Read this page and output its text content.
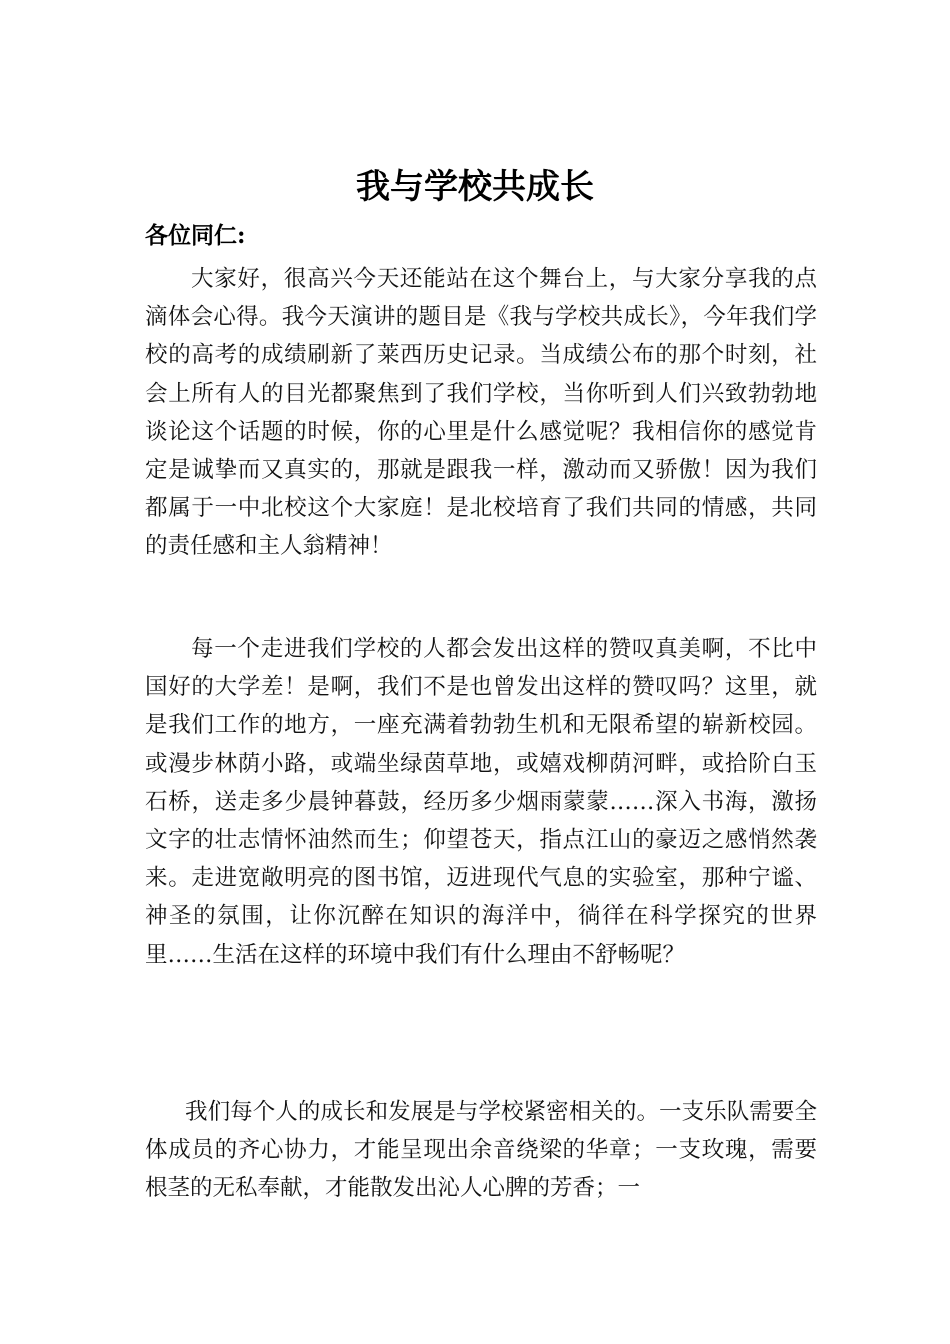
我与学校共成长

各位同仁:

大家好，很高兴今天还能站在这个舞台上，与大家分享我的点滴体会心得。我今天演讲的题目是《我与学校共成长》，今年我们学校的高考的成绩刷新了莱西历史记录。当成绩公布的那个时刻，社会上所有人的目光都聚焦到了我们学校，当你听到人们兴致勃勃地谈论这个话题的时候，你的心里是什么感觉呢？我相信你的感觉肯定是诚挚而又真实的，那就是跟我一样，激动而又骄傲！因为我们都属于一中北校这个大家庭！是北校培育了我们共同的情感，共同的责任感和主人翁精神！

每一个走进我们学校的人都会发出这样的赞叹真美啊，不比中国好的大学差！是啊，我们不是也曾发出这样的赞叹吗？这里，就是我们工作的地方，一座充满着勃勃生机和无限希望的崭新校园。或漫步林荫小路，或端坐绿茵草地，或嬉戏柳荫河畔，或拾阶白玉石桥，送走多少晨钟暮鼓，经历多少烟雨蒙蒙……深入书海，激扬文字的壮志情怀油然而生；仰望苍天，指点江山的豪迈之感悄然袭来。走进宽敞明亮的图书馆，迈进现代气息的实验室，那种宁谧、神圣的氛围，让你沉醉在知识的海洋中，徜徉在科学探究的世界里……生活在这样的环境中我们有什么理由不舒畅呢？

我们每个人的成长和发展是与学校紧密相关的。一支乐队需要全体成员的齐心协力，才能呈现出余音绕梁的华章；一支玫瑰，需要根茎的无私奉献，才能散发出沁人心脾的芳香；一
